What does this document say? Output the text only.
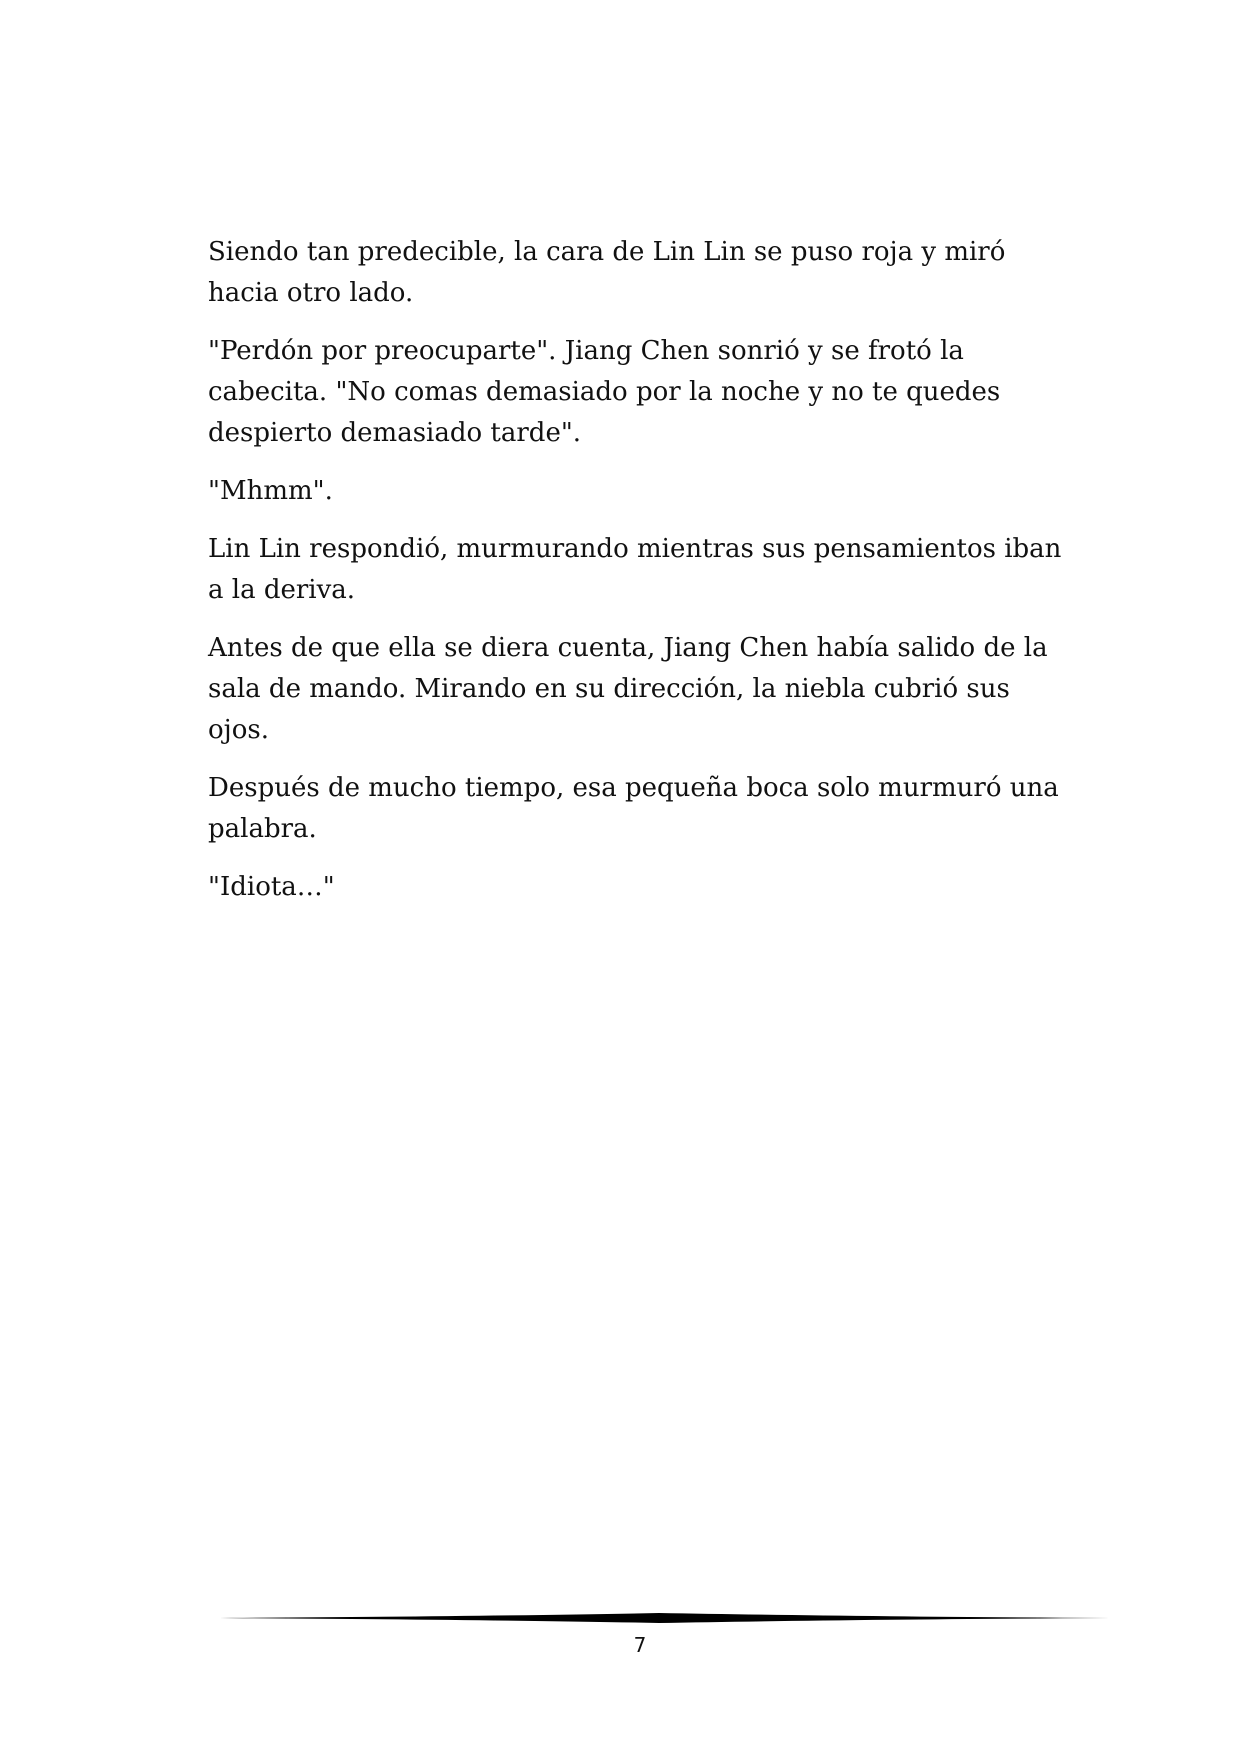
Siendo tan predecible, la cara de Lin Lin se puso roja y miró hacia otro lado.

"Perdón por preocuparte". Jiang Chen sonrió y se frotó la cabecita. "No comas demasiado por la noche y no te quedes despierto demasiado tarde".

"Mhmm".

Lin Lin respondió, murmurando mientras sus pensamientos iban a la deriva.

Antes de que ella se diera cuenta, Jiang Chen había salido de la sala de mando. Mirando en su dirección, la niebla cubrió sus ojos.

Después de mucho tiempo, esa pequeña boca solo murmuró una palabra.

"Idiota…"

7
